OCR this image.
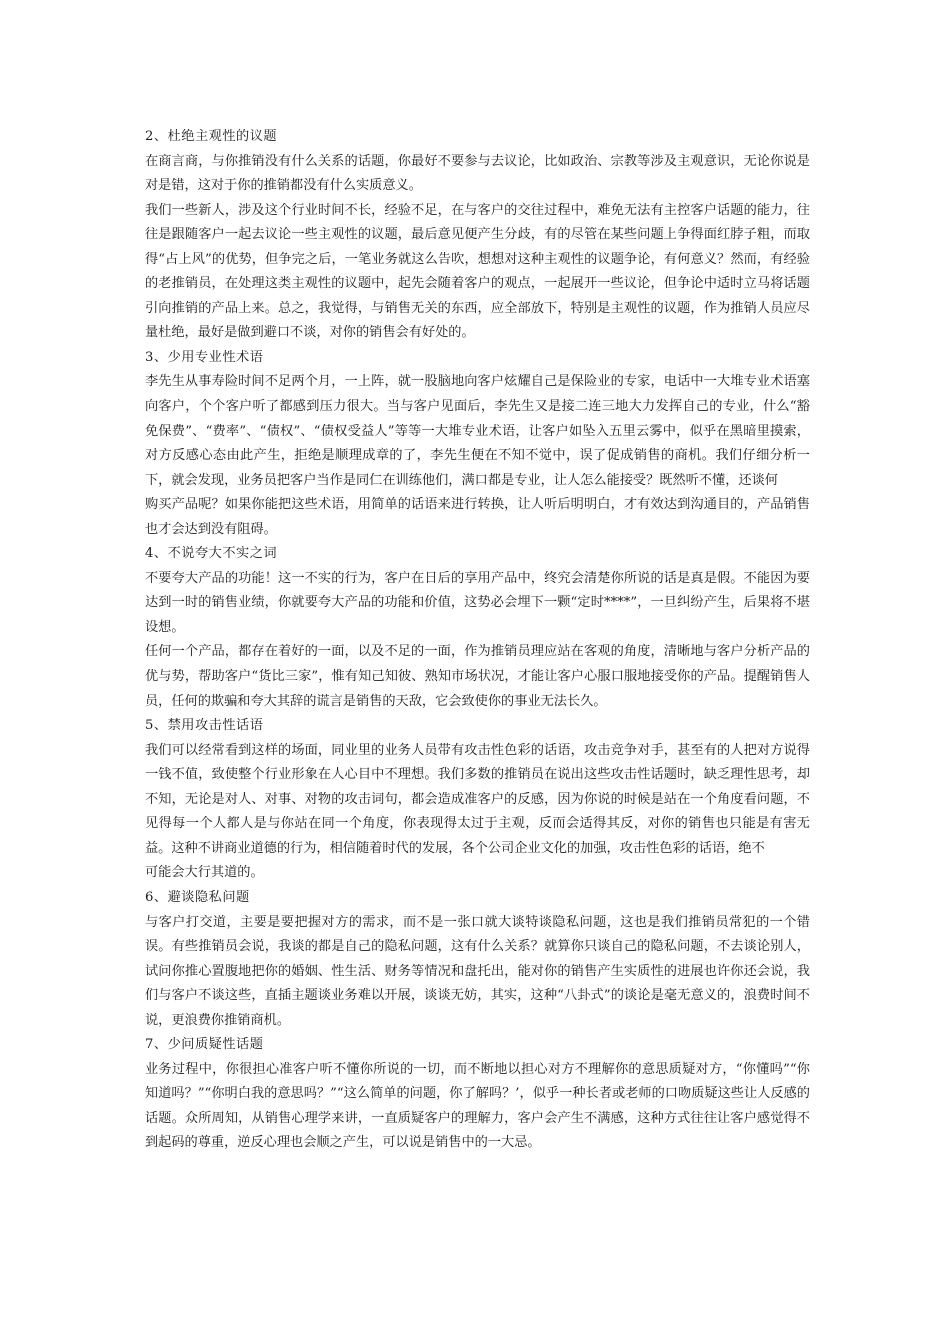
2、杜绝主观性的议题

在商言商，与你推销没有什么关系的话题，你最好不要参与去议论，比如政治、宗教等涉及主观意识，无论你说是对是错，这对于你的推销都没有什么实质意义。

我们一些新人，涉及这个行业时间不长，经验不足，在与客户的交往过程中，难免无法有主控客户话题的能力，往往是跟随客户一起去议论一些主观性的议题，最后意见便产生分歧，有的尽管在某些问题上争得面红脖子粗，而取得“占上风”的优势，但争完之后，一笔业务就这么告吹，想想对这种主观性的议题争论，有何意义？然而，有经验的老推销员，在处理这类主观性的议题中，起先会随着客户的观点，一起展开一些议论，但争论中适时立马将话题引向推销的产品上来。总之，我觉得，与销售无关的东西，应全部放下，特别是主观性的议题，作为推销人员应尽量杜绝，最好是做到避口不谈，对你的销售会有好处的。

3、少用专业性术语

李先生从事寿险时间不足两个月，一上阵，就一股脑地向客户炫耀自己是保险业的专家，电话中一大堆专业术语塞向客户，个个客户听了都感到压力很大。当与客户见面后，李先生又是接二连三地大力发挥自己的专业，什么“豁免保费”、“费率”、“债权”、“债权受益人”等等一大堆专业术语，让客户如坠入五里云雾中，似乎在黑暗里摸索，对方反感心态由此产生，拒绝是顺理成章的了，李先生便在不知不觉中，误了促成销售的商机。我们仔细分析一下，就会发现，业务员把客户当作是同仁在训练他们，满口都是专业，让人怎么能接受？既然听不懂，还谈何

购买产品呢？如果你能把这些术语，用简单的话语来进行转换，让人听后明明白，才有效达到沟通目的，产品销售也才会达到没有阻碍。

4、不说夸大不实之词

不要夸大产品的功能！这一不实的行为，客户在日后的享用产品中，终究会清楚你所说的话是真是假。不能因为要达到一时的销售业绩，你就要夸大产品的功能和价值，这势必会埋下一颗“定时****”，一旦纠纷产生，后果将不堪设想。

任何一个产品，都存在着好的一面，以及不足的一面，作为推销员理应站在客观的角度，清晰地与客户分析产品的优与势，帮助客户“货比三家”，惟有知己知彼、熟知市场状况，才能让客户心服口服地接受你的产品。提醒销售人员，任何的欺骗和夸大其辞的谎言是销售的天敌，它会致使你的事业无法长久。

5、禁用攻击性话语

我们可以经常看到这样的场面，同业里的业务人员带有攻击性色彩的话语，攻击竞争对手，甚至有的人把对方说得一钱不值，致使整个行业形象在人心目中不理想。我们多数的推销员在说出这些攻击性话题时，缺乏理性思考，却不知，无论是对人、对事、对物的攻击词句，都会造成准客户的反感，因为你说的时候是站在一个角度看问题，不见得每一个人都人是与你站在同一个角度，你表现得太过于主观，反而会适得其反，对你的销售也只能是有害无益。这种不讲商业道德的行为，相信随着时代的发展，各个公司企业文化的加强，攻击性色彩的话语，绝不

可能会大行其道的。

6、避谈隐私问题

与客户打交道，主要是要把握对方的需求，而不是一张口就大谈特谈隐私问题，这也是我们推销员常犯的一个错误。有些推销员会说，我谈的都是自己的隐私问题，这有什么关系？就算你只谈自己的隐私问题，不去谈论别人，试问你推心置腹地把你的婚姻、性生活、财务等情况和盘托出，能对你的销售产生实质性的进展也许你还会说，我们与客户不谈这些，直插主题谈业务难以开展，谈谈无妨，其实，这种“八卦式”的谈论是毫无意义的，浪费时间不说，更浪费你推销商机。

7、少问质疑性话题

业务过程中，你很担心准客户听不懂你所说的一切，而不断地以担心对方不理解你的意思质疑对方，“你懂吗”“你知道吗？”“你明白我的意思吗？”“这么简单的问题，你了解吗？’，似乎一种长者或老师的口吻质疑这些让人反感的话题。众所周知，从销售心理学来讲，一直质疑客户的理解力，客户会产生不满感，这种方式往往让客户感觉得不到起码的尊重，逆反心理也会顺之产生，可以说是销售中的一大忌。
